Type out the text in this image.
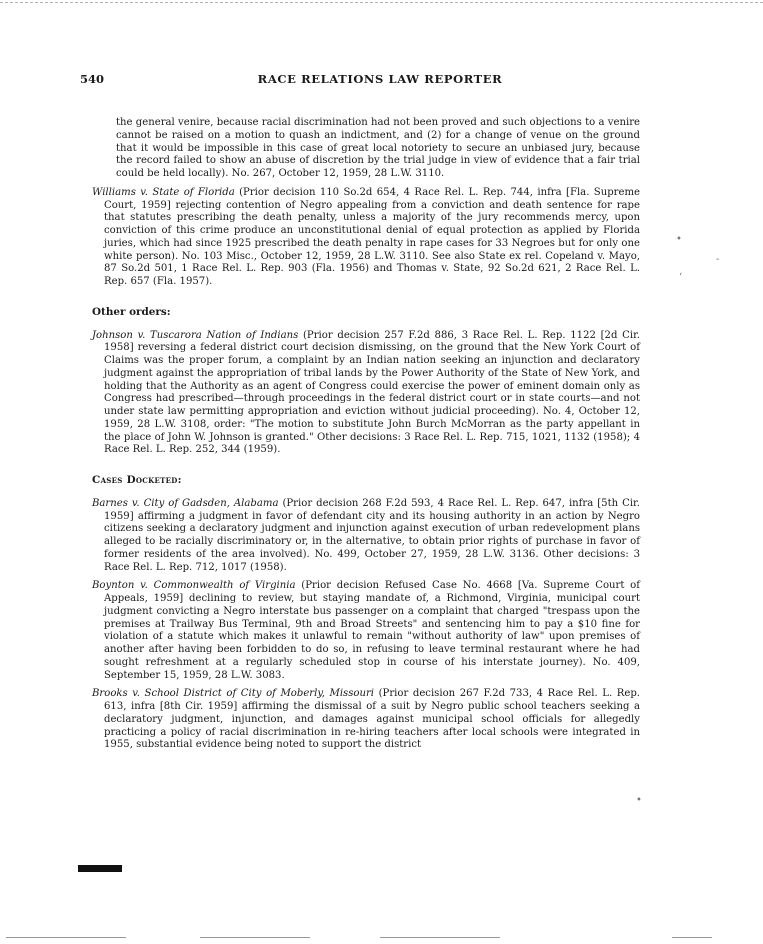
540	RACE RELATIONS LAW REPORTER

the general venire, because racial discrimination had not been proved and such objections to a venire cannot be raised on a motion to quash an indictment, and (2) for a change of venue on the ground that it would be impossible in this case of great local notoriety to secure an unbiased jury, because the record failed to show an abuse of discretion by the trial judge in view of evidence that a fair trial could be held locally). No. 267, October 12, 1959, 28 L.W. 3110.

Williams v. State of Florida (Prior decision 110 So.2d 654, 4 Race Rel. L. Rep. 744, infra [Fla. Supreme Court, 1959] rejecting contention of Negro appealing from a conviction and death sentence for rape that statutes prescribing the death penalty, unless a majority of the jury recommends mercy, upon conviction of this crime produce an unconstitutional denial of equal protection as applied by Florida juries, which had since 1925 prescribed the death penalty in rape cases for 33 Negroes but for only one white person). No. 103 Misc., October 12, 1959, 28 L.W. 3110. See also State ex rel. Copeland v. Mayo, 87 So.2d 501, 1 Race Rel. L. Rep. 903 (Fla. 1956) and Thomas v. State, 92 So.2d 621, 2 Race Rel. L. Rep. 657 (Fla. 1957).

Other orders:

Johnson v. Tuscarora Nation of Indians (Prior decision 257 F.2d 886, 3 Race Rel. L. Rep. 1122 [2d Cir. 1958] reversing a federal district court decision dismissing, on the ground that the New York Court of Claims was the proper forum, a complaint by an Indian nation seeking an injunction and declaratory judgment against the appropriation of tribal lands by the Power Authority of the State of New York, and holding that the Authority as an agent of Congress could exercise the power of eminent domain only as Congress had prescribed—through proceedings in the federal district court or in state courts—and not under state law permitting appropriation and eviction without judicial proceeding). No. 4, October 12, 1959, 28 L.W. 3108, order: "The motion to substitute John Burch McMorran as the party appellant in the place of John W. Johnson is granted." Other decisions: 3 Race Rel. L. Rep. 715, 1021, 1132 (1958); 4 Race Rel. L. Rep. 252, 344 (1959).

Cases Docketed:

Barnes v. City of Gadsden, Alabama (Prior decision 268 F.2d 593, 4 Race Rel. L. Rep. 647, infra [5th Cir. 1959] affirming a judgment in favor of defendant city and its housing authority in an action by Negro citizens seeking a declaratory judgment and injunction against execution of urban redevelopment plans alleged to be racially discriminatory or, in the alternative, to obtain prior rights of purchase in favor of former residents of the area involved). No. 499, October 27, 1959, 28 L.W. 3136. Other decisions: 3 Race Rel. L. Rep. 712, 1017 (1958).

Boynton v. Commonwealth of Virginia (Prior decision Refused Case No. 4668 [Va. Supreme Court of Appeals, 1959] declining to review, but staying mandate of, a Richmond, Virginia, municipal court judgment convicting a Negro interstate bus passenger on a complaint that charged "trespass upon the premises at Trailway Bus Terminal, 9th and Broad Streets" and sentencing him to pay a $10 fine for violation of a statute which makes it unlawful to remain "without authority of law" upon premises of another after having been forbidden to do so, in refusing to leave terminal restaurant where he had sought refreshment at a regularly scheduled stop in course of his interstate journey). No. 409, September 15, 1959, 28 L.W. 3083.

Brooks v. School District of City of Moberly, Missouri (Prior decision 267 F.2d 733, 4 Race Rel. L. Rep. 613, infra [8th Cir. 1959] affirming the dismissal of a suit by Negro public school teachers seeking a declaratory judgment, injunction, and damages against municipal school officials for allegedly practicing a policy of racial discrimination in re-hiring teachers after local schools were integrated in 1955, substantial evidence being noted to support the district

•
-
‘
•
